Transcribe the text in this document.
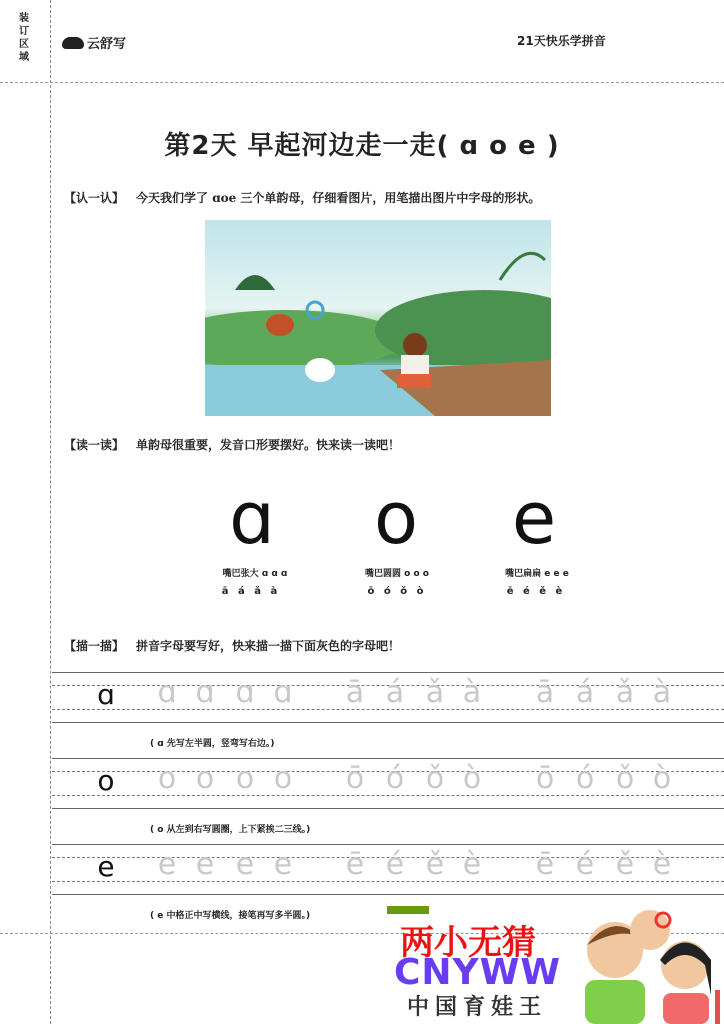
装订区域
云舒写	21天快乐学拼音
第2天 早起河边走一走( ɑ o e )
【认一认】 今天我们学了 ɑoe 三个单韵母，仔细看图片，用笔描出图片中字母的形状。
【读一读】 单韵母很重要，发音口形要摆好。快来读一读吧！
ɑ	o	e
嘴巴张大 ɑ ɑ ɑ	嘴巴圆圆 o o o	嘴巴扁扁 e e e
ā á ǎ à	ō ó ǒ ò	ē é ě è
【描一描】 拼音字母要写好，快来描一描下面灰色的字母吧！
ɑ ɑ ɑ ɑ ɑ ā á ǎ à ā á ǎ à
( ɑ 先写左半圆，竖弯写右边。)
o o o o o ō ó ǒ ò ō ó ǒ ò
( o 从左到右写圆圈，上下紧挨二三线。)
e e e e e ē é ě è ē é ě è
( e 中格正中写横线，接笔再写多半圆。)
两小无猜
CNYWW
中国育娃王
